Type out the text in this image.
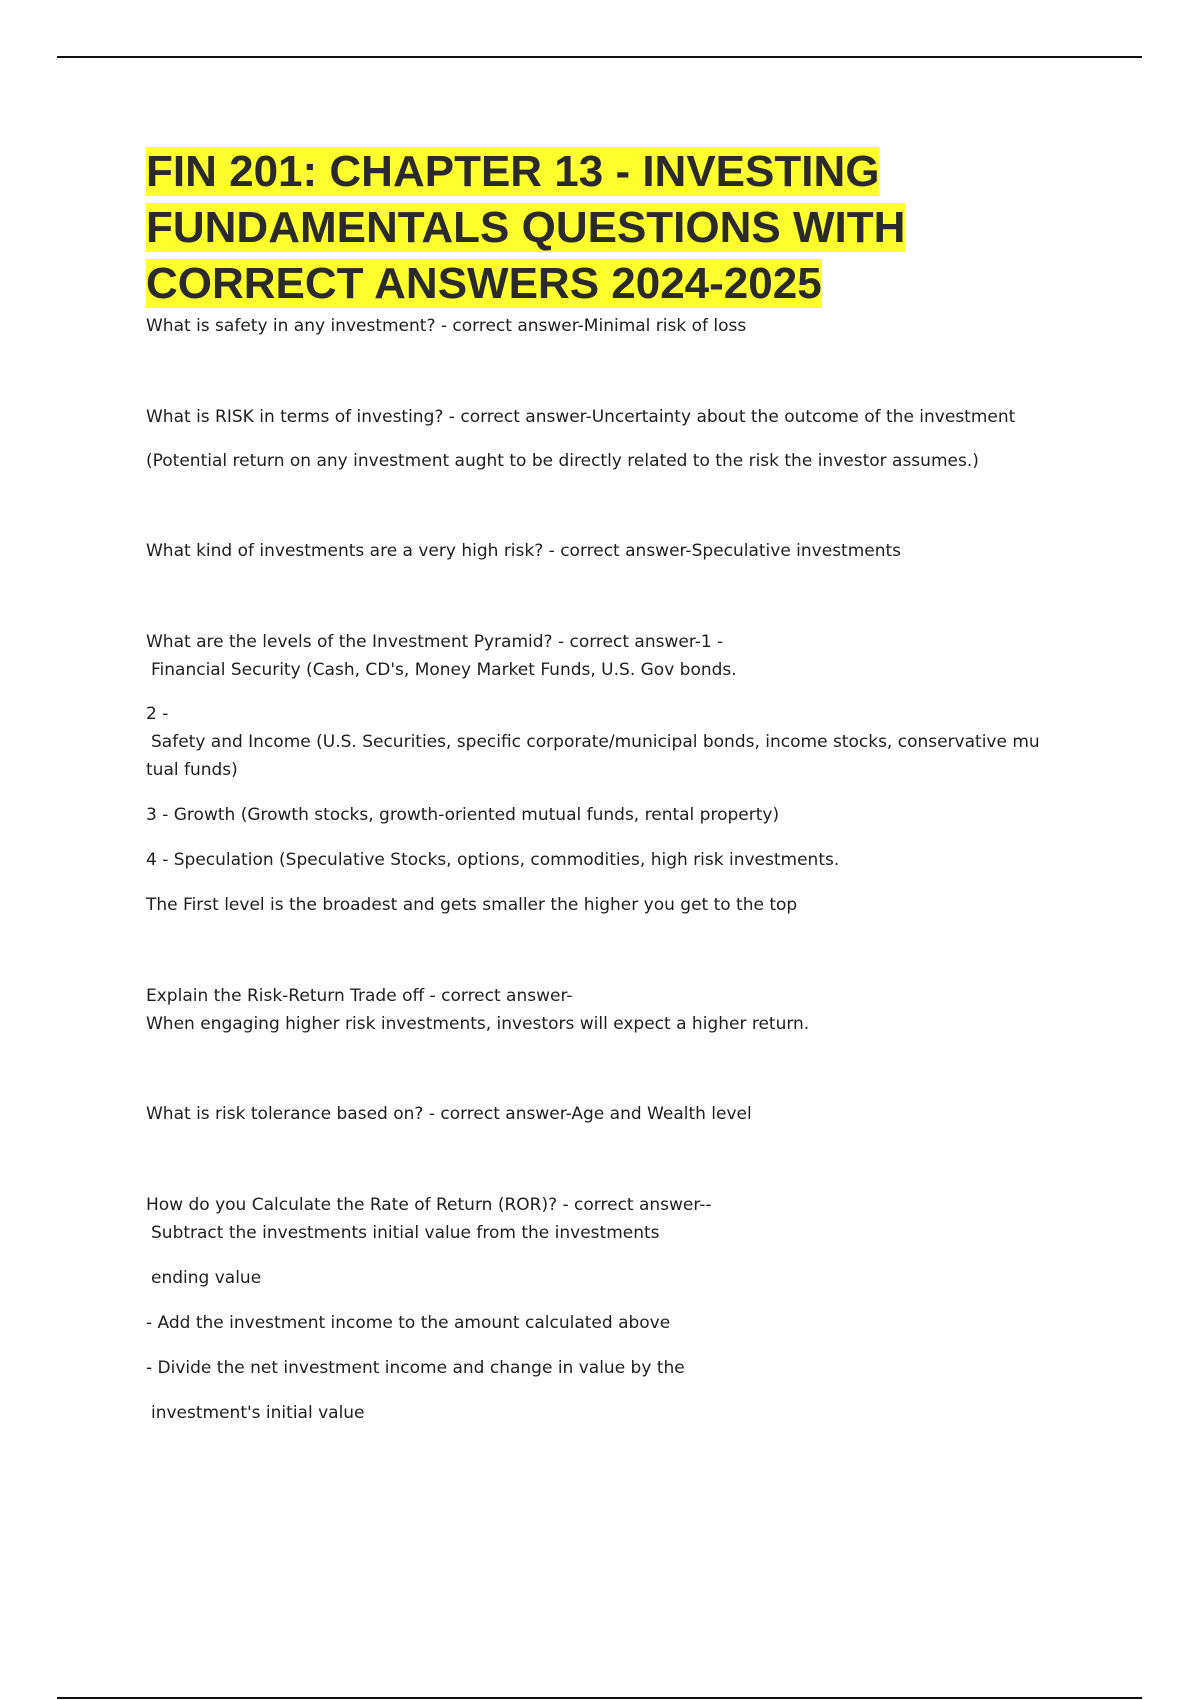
FIN 201: CHAPTER 13 - INVESTING
FUNDAMENTALS QUESTIONS WITH
CORRECT ANSWERS 2024-2025

What is safety in any investment? - correct answer-Minimal risk of loss

What is RISK in terms of investing? - correct answer-Uncertainty about the outcome of the investment

(Potential return on any investment aught to be directly related to the risk the investor assumes.)

What kind of investments are a very high risk? - correct answer-Speculative investments

What are the levels of the Investment Pyramid? - correct answer-1 -

Financial Security (Cash, CD's, Money Market Funds, U.S. Gov bonds.

2 -

Safety and Income (U.S. Securities, specific corporate/municipal bonds, income stocks, conservative mu

tual funds)

3 - Growth (Growth stocks, growth-oriented mutual funds, rental property)

4 - Speculation (Speculative Stocks, options, commodities, high risk investments.

The First level is the broadest and gets smaller the higher you get to the top

Explain the Risk-Return Trade off - correct answer-

When engaging higher risk investments, investors will expect a higher return.

What is risk tolerance based on? - correct answer-Age and Wealth level

How do you Calculate the Rate of Return (ROR)? - correct answer--

Subtract the investments initial value from the investments

ending value

- Add the investment income to the amount calculated above

- Divide the net investment income and change in value by the

investment's initial value
